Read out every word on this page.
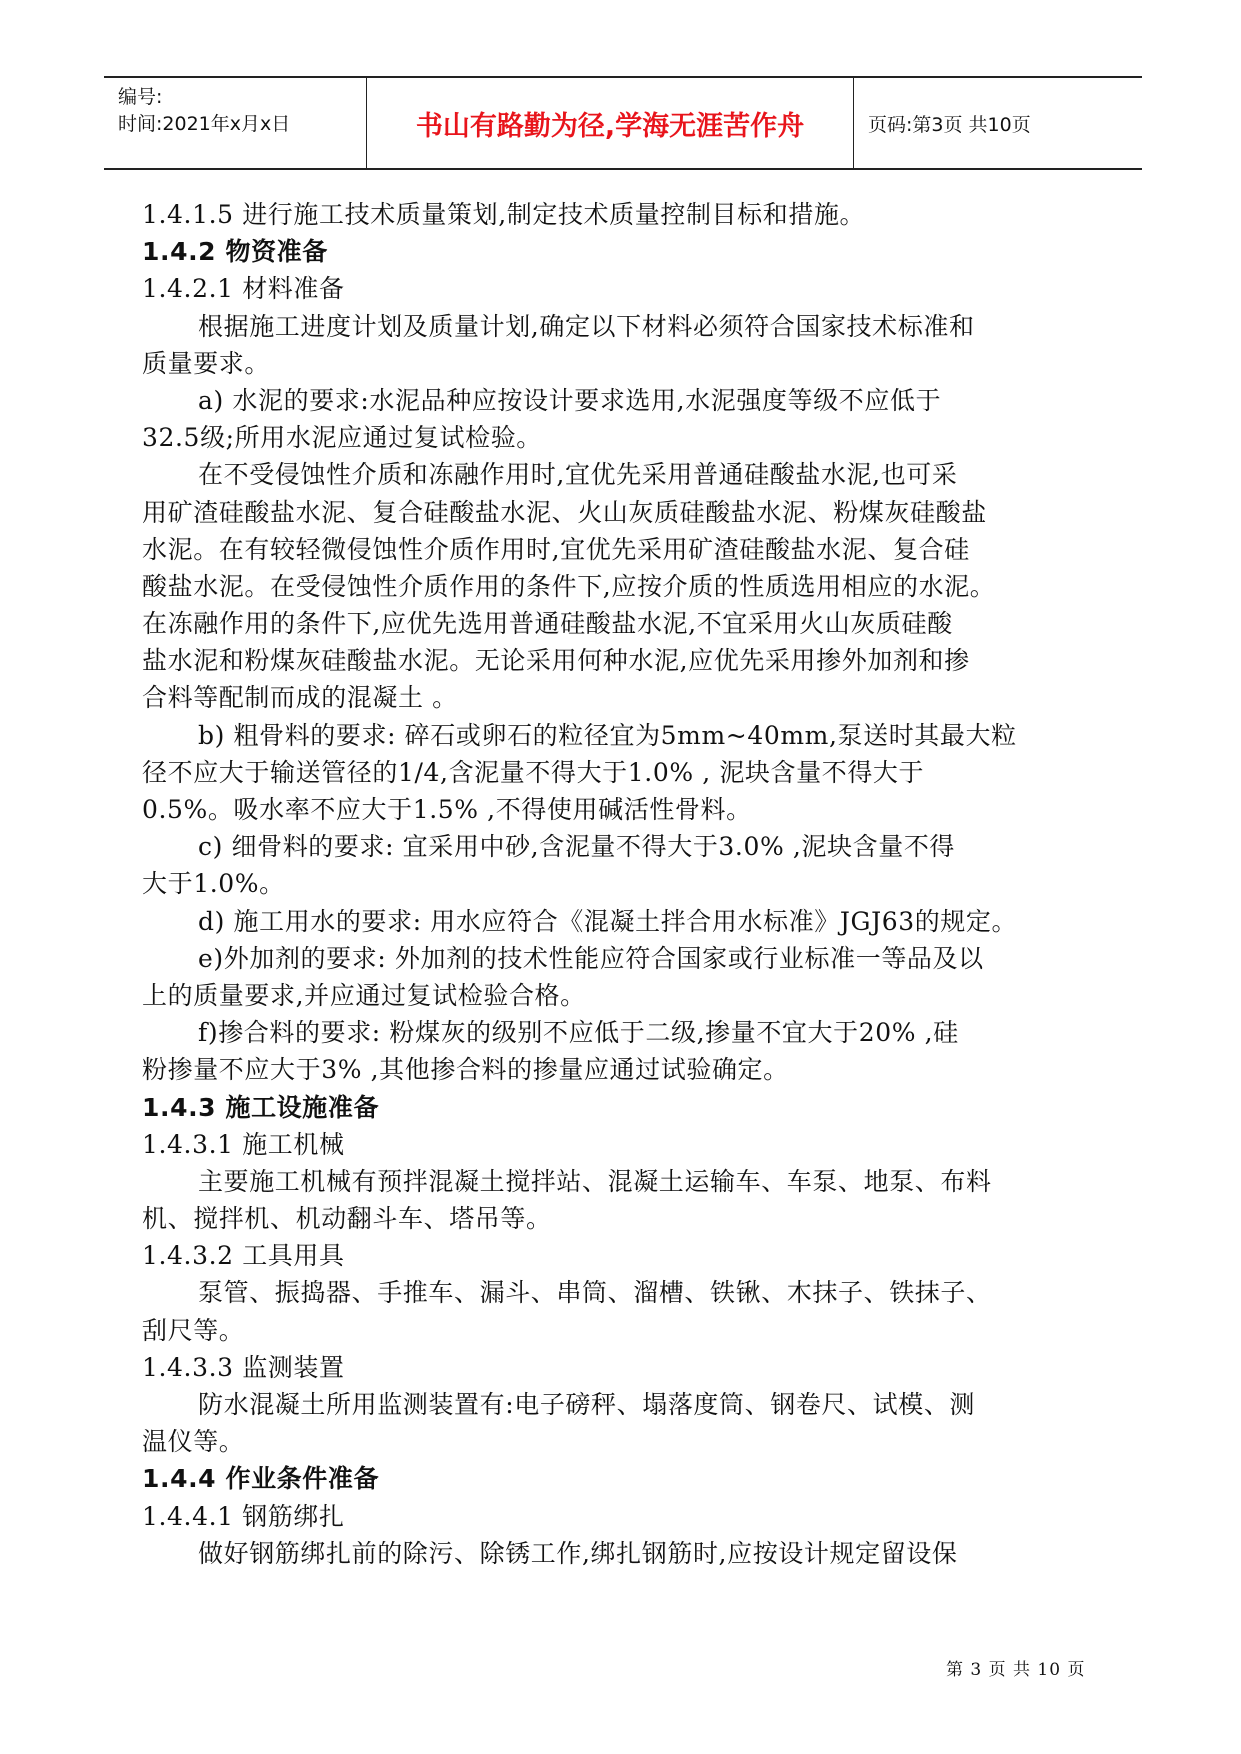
编号:
时间:2021年x月x日	书山有路勤为径,学海无涯苦作舟	页码:第3页 共10页
1.4.1.5 进行施工技术质量策划,制定技术质量控制目标和措施。
1.4.2 物资准备
1.4.2.1 材料准备
根据施工进度计划及质量计划,确定以下材料必须符合国家技术标准和
质量要求。
a) 水泥的要求:水泥品种应按设计要求选用,水泥强度等级不应低于
32.5级;所用水泥应通过复试检验。
在不受侵蚀性介质和冻融作用时,宜优先采用普通硅酸盐水泥,也可采
用矿渣硅酸盐水泥、复合硅酸盐水泥、火山灰质硅酸盐水泥、粉煤灰硅酸盐
水泥。在有较轻微侵蚀性介质作用时,宜优先采用矿渣硅酸盐水泥、复合硅
酸盐水泥。在受侵蚀性介质作用的条件下,应按介质的性质选用相应的水泥。
在冻融作用的条件下,应优先选用普通硅酸盐水泥,不宜采用火山灰质硅酸
盐水泥和粉煤灰硅酸盐水泥。无论采用何种水泥,应优先采用掺外加剂和掺
合料等配制而成的混凝土 。
b) 粗骨料的要求: 碎石或卵石的粒径宜为5mm~40mm,泵送时其最大粒
径不应大于输送管径的1/4,含泥量不得大于1.0% , 泥块含量不得大于
0.5%。吸水率不应大于1.5% ,不得使用碱活性骨料。
c) 细骨料的要求: 宜采用中砂,含泥量不得大于3.0% ,泥块含量不得
大于1.0%。
d) 施工用水的要求: 用水应符合《混凝土拌合用水标准》JGJ63的规定。
e)外加剂的要求: 外加剂的技术性能应符合国家或行业标准一等品及以
上的质量要求,并应通过复试检验合格。
f)掺合料的要求: 粉煤灰的级别不应低于二级,掺量不宜大于20% ,硅
粉掺量不应大于3% ,其他掺合料的掺量应通过试验确定。
1.4.3 施工设施准备
1.4.3.1 施工机械
主要施工机械有预拌混凝土搅拌站、混凝土运输车、车泵、地泵、布料
机、搅拌机、机动翻斗车、塔吊等。
1.4.3.2 工具用具
泵管、振捣器、手推车、漏斗、串筒、溜槽、铁锹、木抹子、铁抹子、
刮尺等。
1.4.3.3 监测装置
防水混凝土所用监测装置有:电子磅秤、塌落度筒、钢卷尺、试模、测
温仪等。
1.4.4 作业条件准备
1.4.4.1 钢筋绑扎
做好钢筋绑扎前的除污、除锈工作,绑扎钢筋时,应按设计规定留设保
第 3 页 共 10 页
